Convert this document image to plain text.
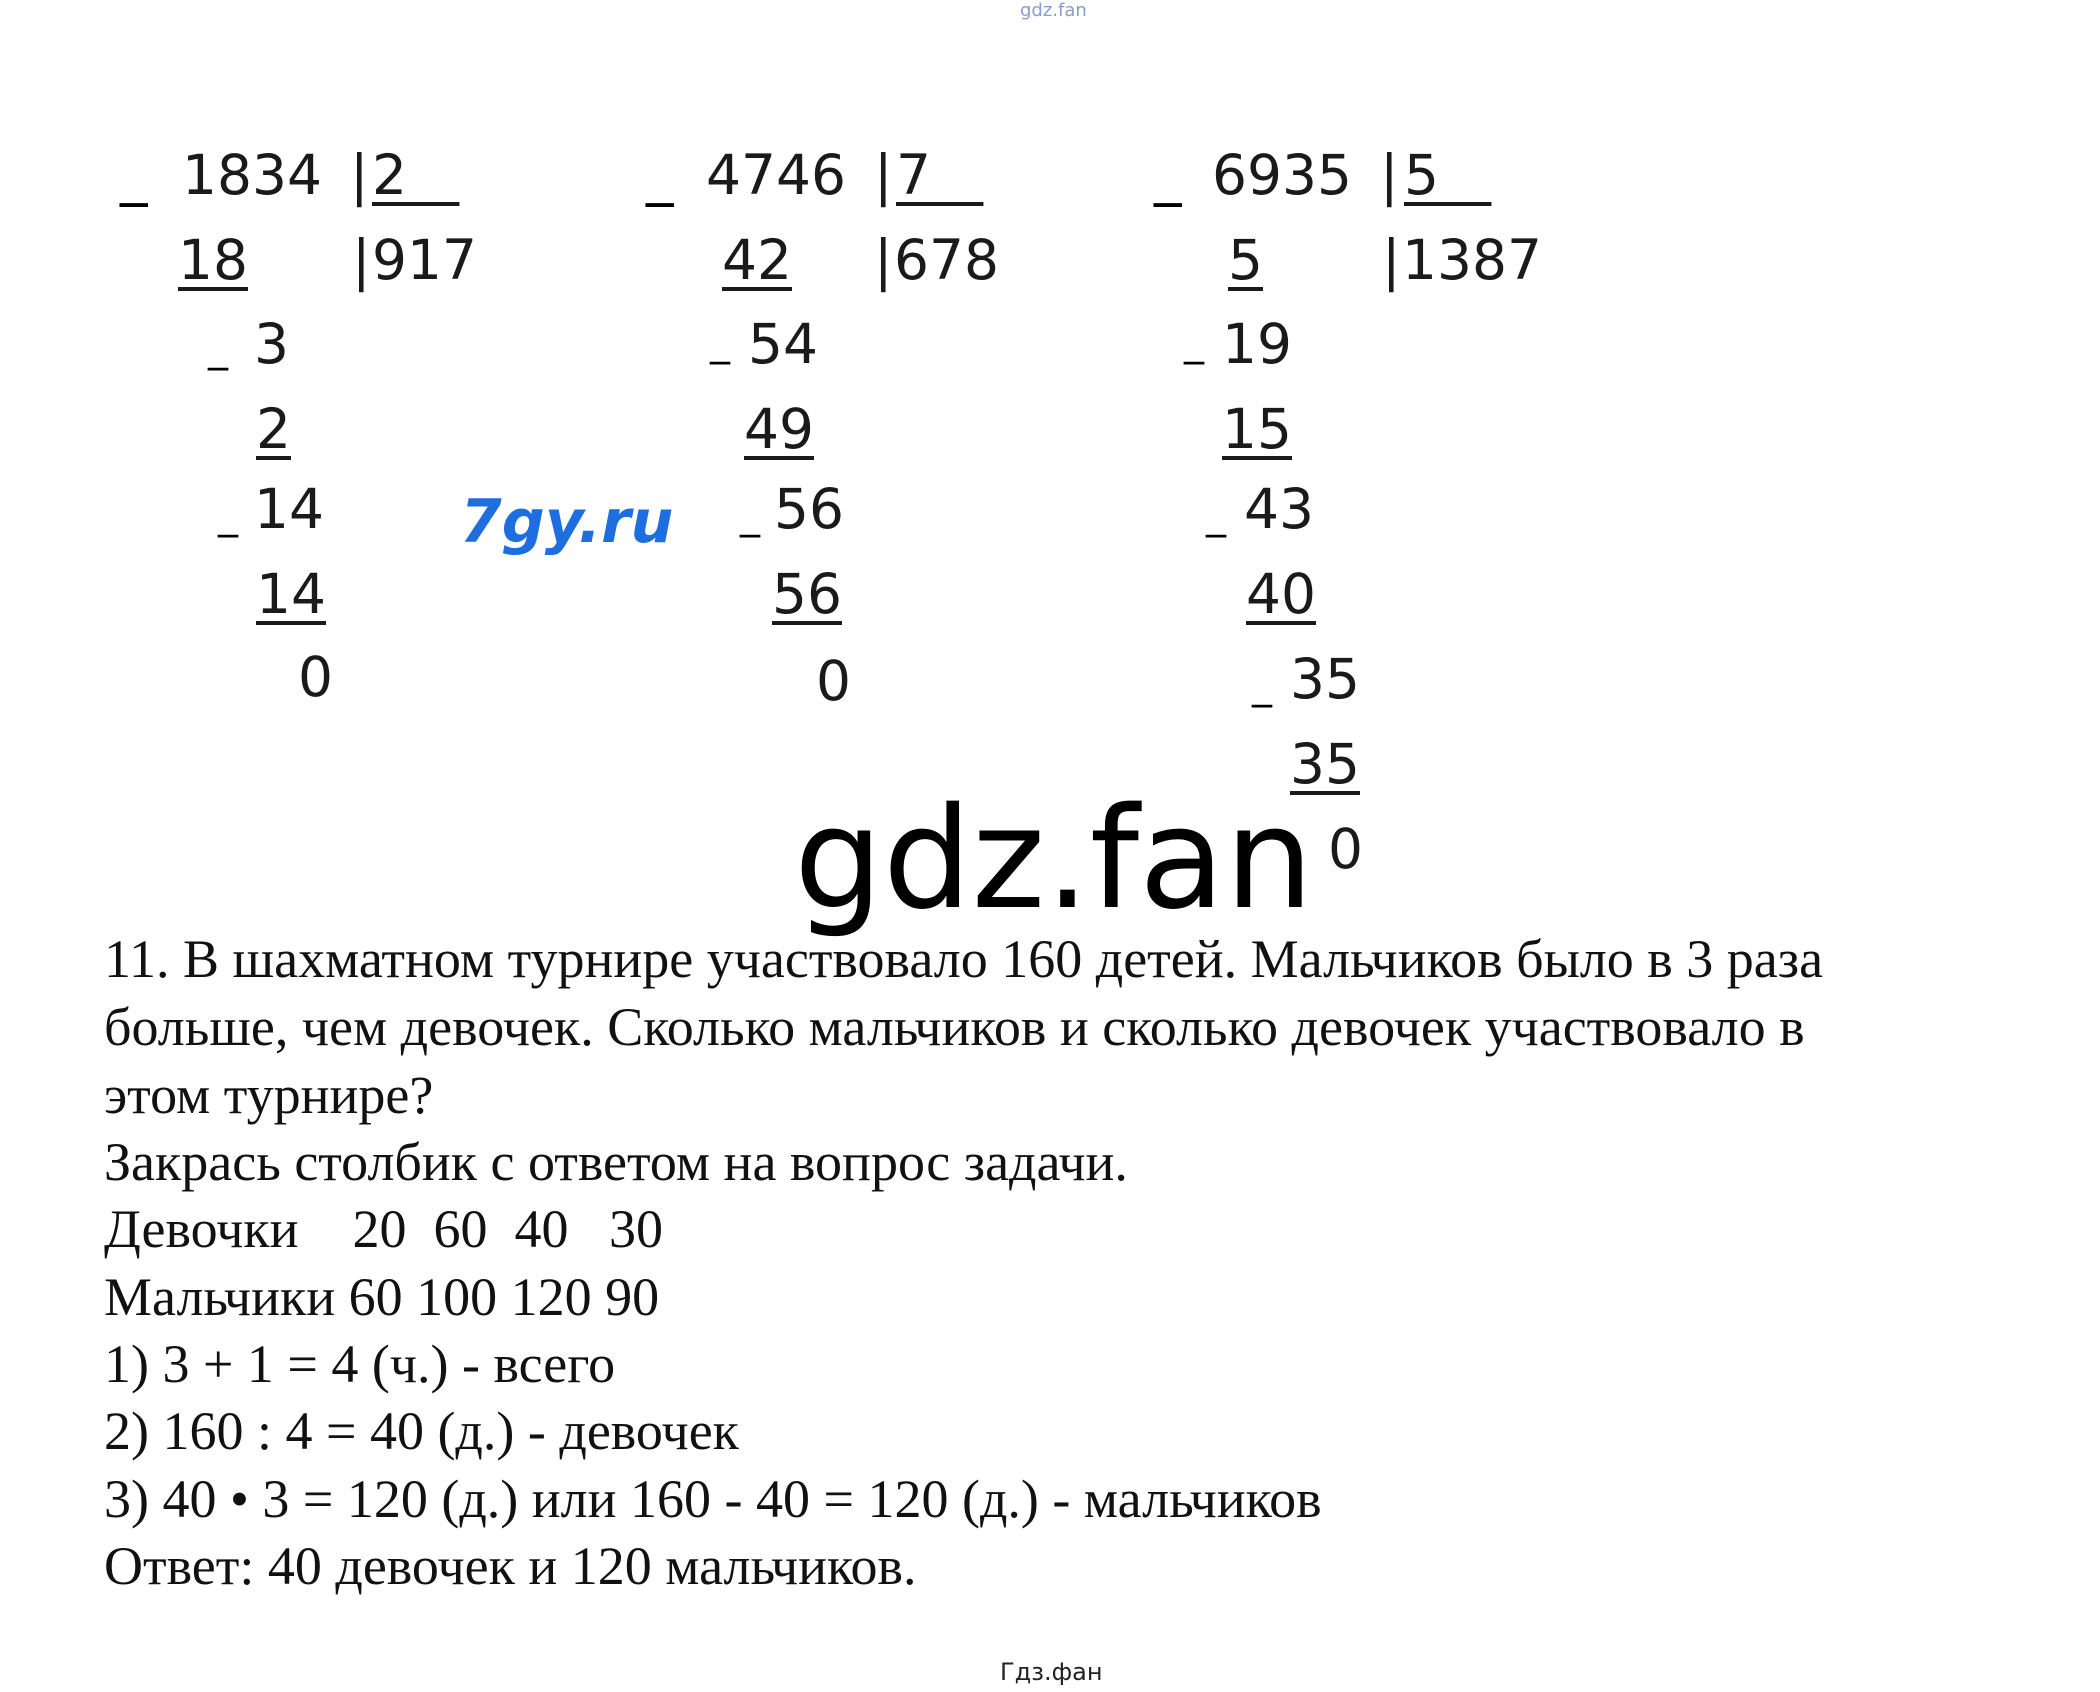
gdz.fan
_ 1834 | 2
18 | 917
_ 3
2
_ 14
14
0
_ 4746 | 7
42 | 678
_ 54
49
_ 56
56
0
_ 6935 | 5
5 | 1387
_ 19
15
_ 43
40
_ 35
35
0
7gy.ru
gdz.fan
11. В шахматном турнире участвовало 160 детей. Мальчиков было в 3 раза
больше, чем девочек. Сколько мальчиков и сколько девочек участвовало в
этом турнире?
Закрась столбик с ответом на вопрос задачи.
Девочки    20  60  40   30
Мальчики 60 100 120 90
1) 3 + 1 = 4 (ч.) - всего
2) 160 : 4 = 40 (д.) - девочек
3) 40 • 3 = 120 (д.) или 160 - 40 = 120 (д.) - мальчиков
Ответ: 40 девочек и 120 мальчиков.
Гдз.фан
